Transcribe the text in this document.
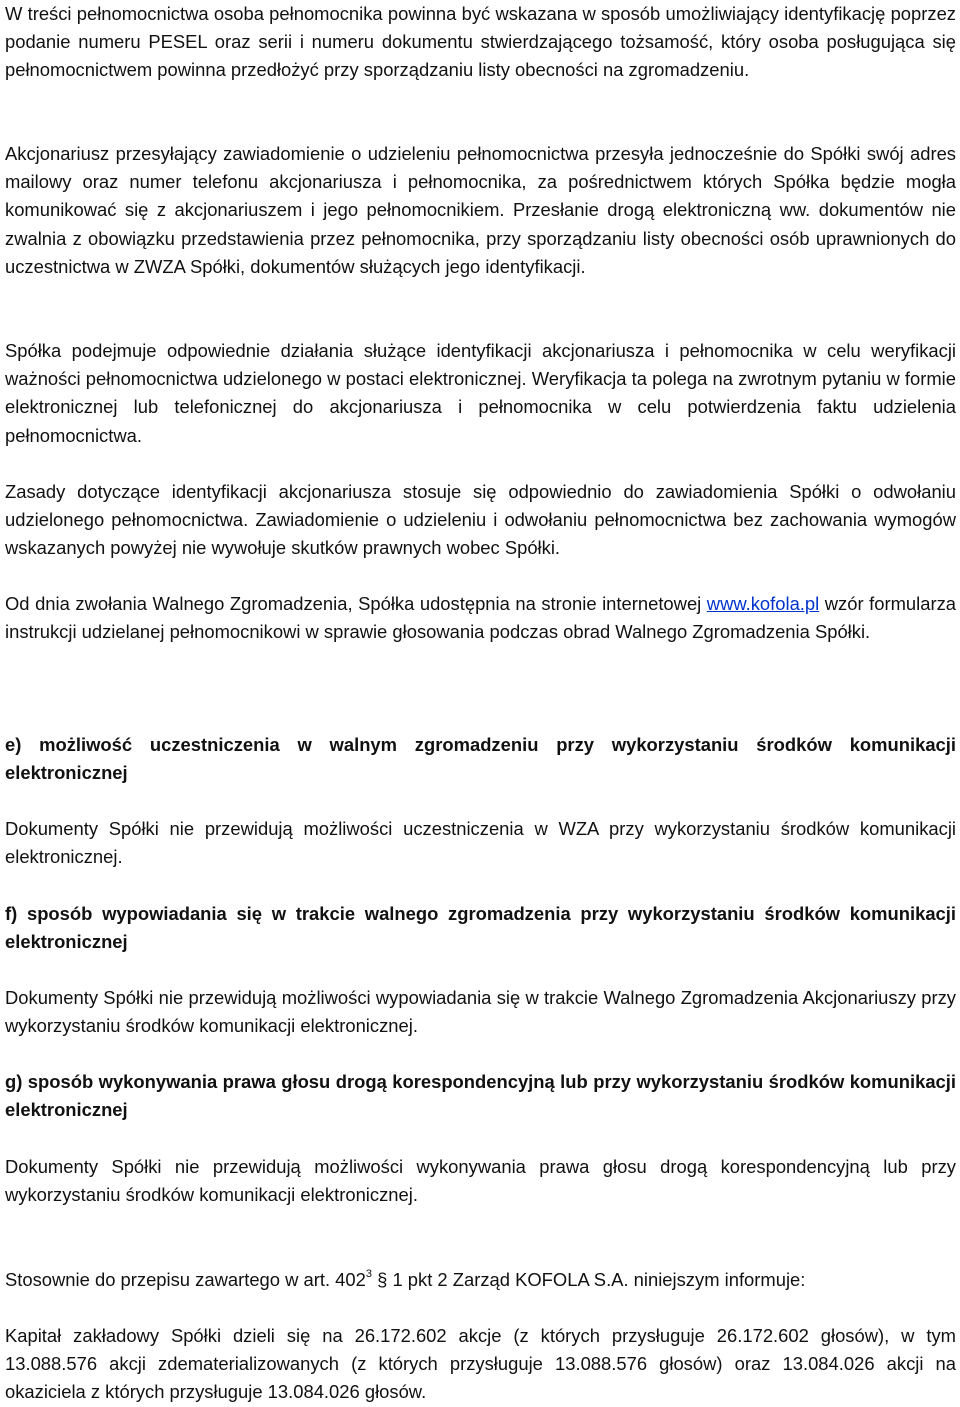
W treści pełnomocnictwa osoba pełnomocnika powinna być wskazana w sposób umożliwiający identyfikację poprzez podanie numeru PESEL oraz serii i numeru dokumentu stwierdzającego tożsamość, który osoba posługująca się pełnomocnictwem powinna przedłożyć przy sporządzaniu listy obecności na zgromadzeniu.

Akcjonariusz przesyłający zawiadomienie o udzieleniu pełnomocnictwa przesyła jednocześnie do Spółki swój adres mailowy oraz numer telefonu akcjonariusza i pełnomocnika, za pośrednictwem których Spółka będzie mogła komunikować się z akcjonariuszem i jego pełnomocnikiem. Przesłanie drogą elektroniczną ww. dokumentów nie zwalnia z obowiązku przedstawienia przez pełnomocnika, przy sporządzaniu listy obecności osób uprawnionych do uczestnictwa w ZWZA Spółki, dokumentów służących jego identyfikacji.

Spółka podejmuje odpowiednie działania służące identyfikacji akcjonariusza i pełnomocnika w celu weryfikacji ważności pełnomocnictwa udzielonego w postaci elektronicznej. Weryfikacja ta polega na zwrotnym pytaniu w formie elektronicznej lub telefonicznej do akcjonariusza i pełnomocnika w celu potwierdzenia faktu udzielenia pełnomocnictwa.

Zasady dotyczące identyfikacji akcjonariusza stosuje się odpowiednio do zawiadomienia Spółki o odwołaniu udzielonego pełnomocnictwa. Zawiadomienie o udzieleniu i odwołaniu pełnomocnictwa bez zachowania wymogów wskazanych powyżej nie wywołuje skutków prawnych wobec Spółki.

Od dnia zwołania Walnego Zgromadzenia, Spółka udostępnia na stronie internetowej www.kofola.pl wzór formularza instrukcji udzielanej pełnomocnikowi w sprawie głosowania podczas obrad Walnego Zgromadzenia Spółki.

e) możliwość uczestniczenia w walnym zgromadzeniu przy wykorzystaniu środków komunikacji elektronicznej

Dokumenty Spółki nie przewidują możliwości uczestniczenia w WZA przy wykorzystaniu środków komunikacji elektronicznej.

f) sposób wypowiadania się w trakcie walnego zgromadzenia przy wykorzystaniu środków komunikacji elektronicznej

Dokumenty Spółki nie przewidują możliwości wypowiadania się w trakcie Walnego Zgromadzenia Akcjonariuszy przy wykorzystaniu środków komunikacji elektronicznej.

g) sposób wykonywania prawa głosu drogą korespondencyjną lub przy wykorzystaniu środków komunikacji elektronicznej

Dokumenty Spółki nie przewidują możliwości wykonywania prawa głosu drogą korespondencyjną lub przy wykorzystaniu środków komunikacji elektronicznej.

Stosownie do przepisu zawartego w art. $402^3$ § 1 pkt 2 Zarząd KOFOLA S.A. niniejszym informuje:

Kapitał zakładowy Spółki dzieli się na 26.172.602 akcje (z których przysługuje 26.172.602 głosów), w tym 13.088.576 akcji zdematerializowanych (z których przysługuje 13.088.576 głosów) oraz 13.084.026 akcji na okaziciela z których przysługuje 13.084.026 głosów.
